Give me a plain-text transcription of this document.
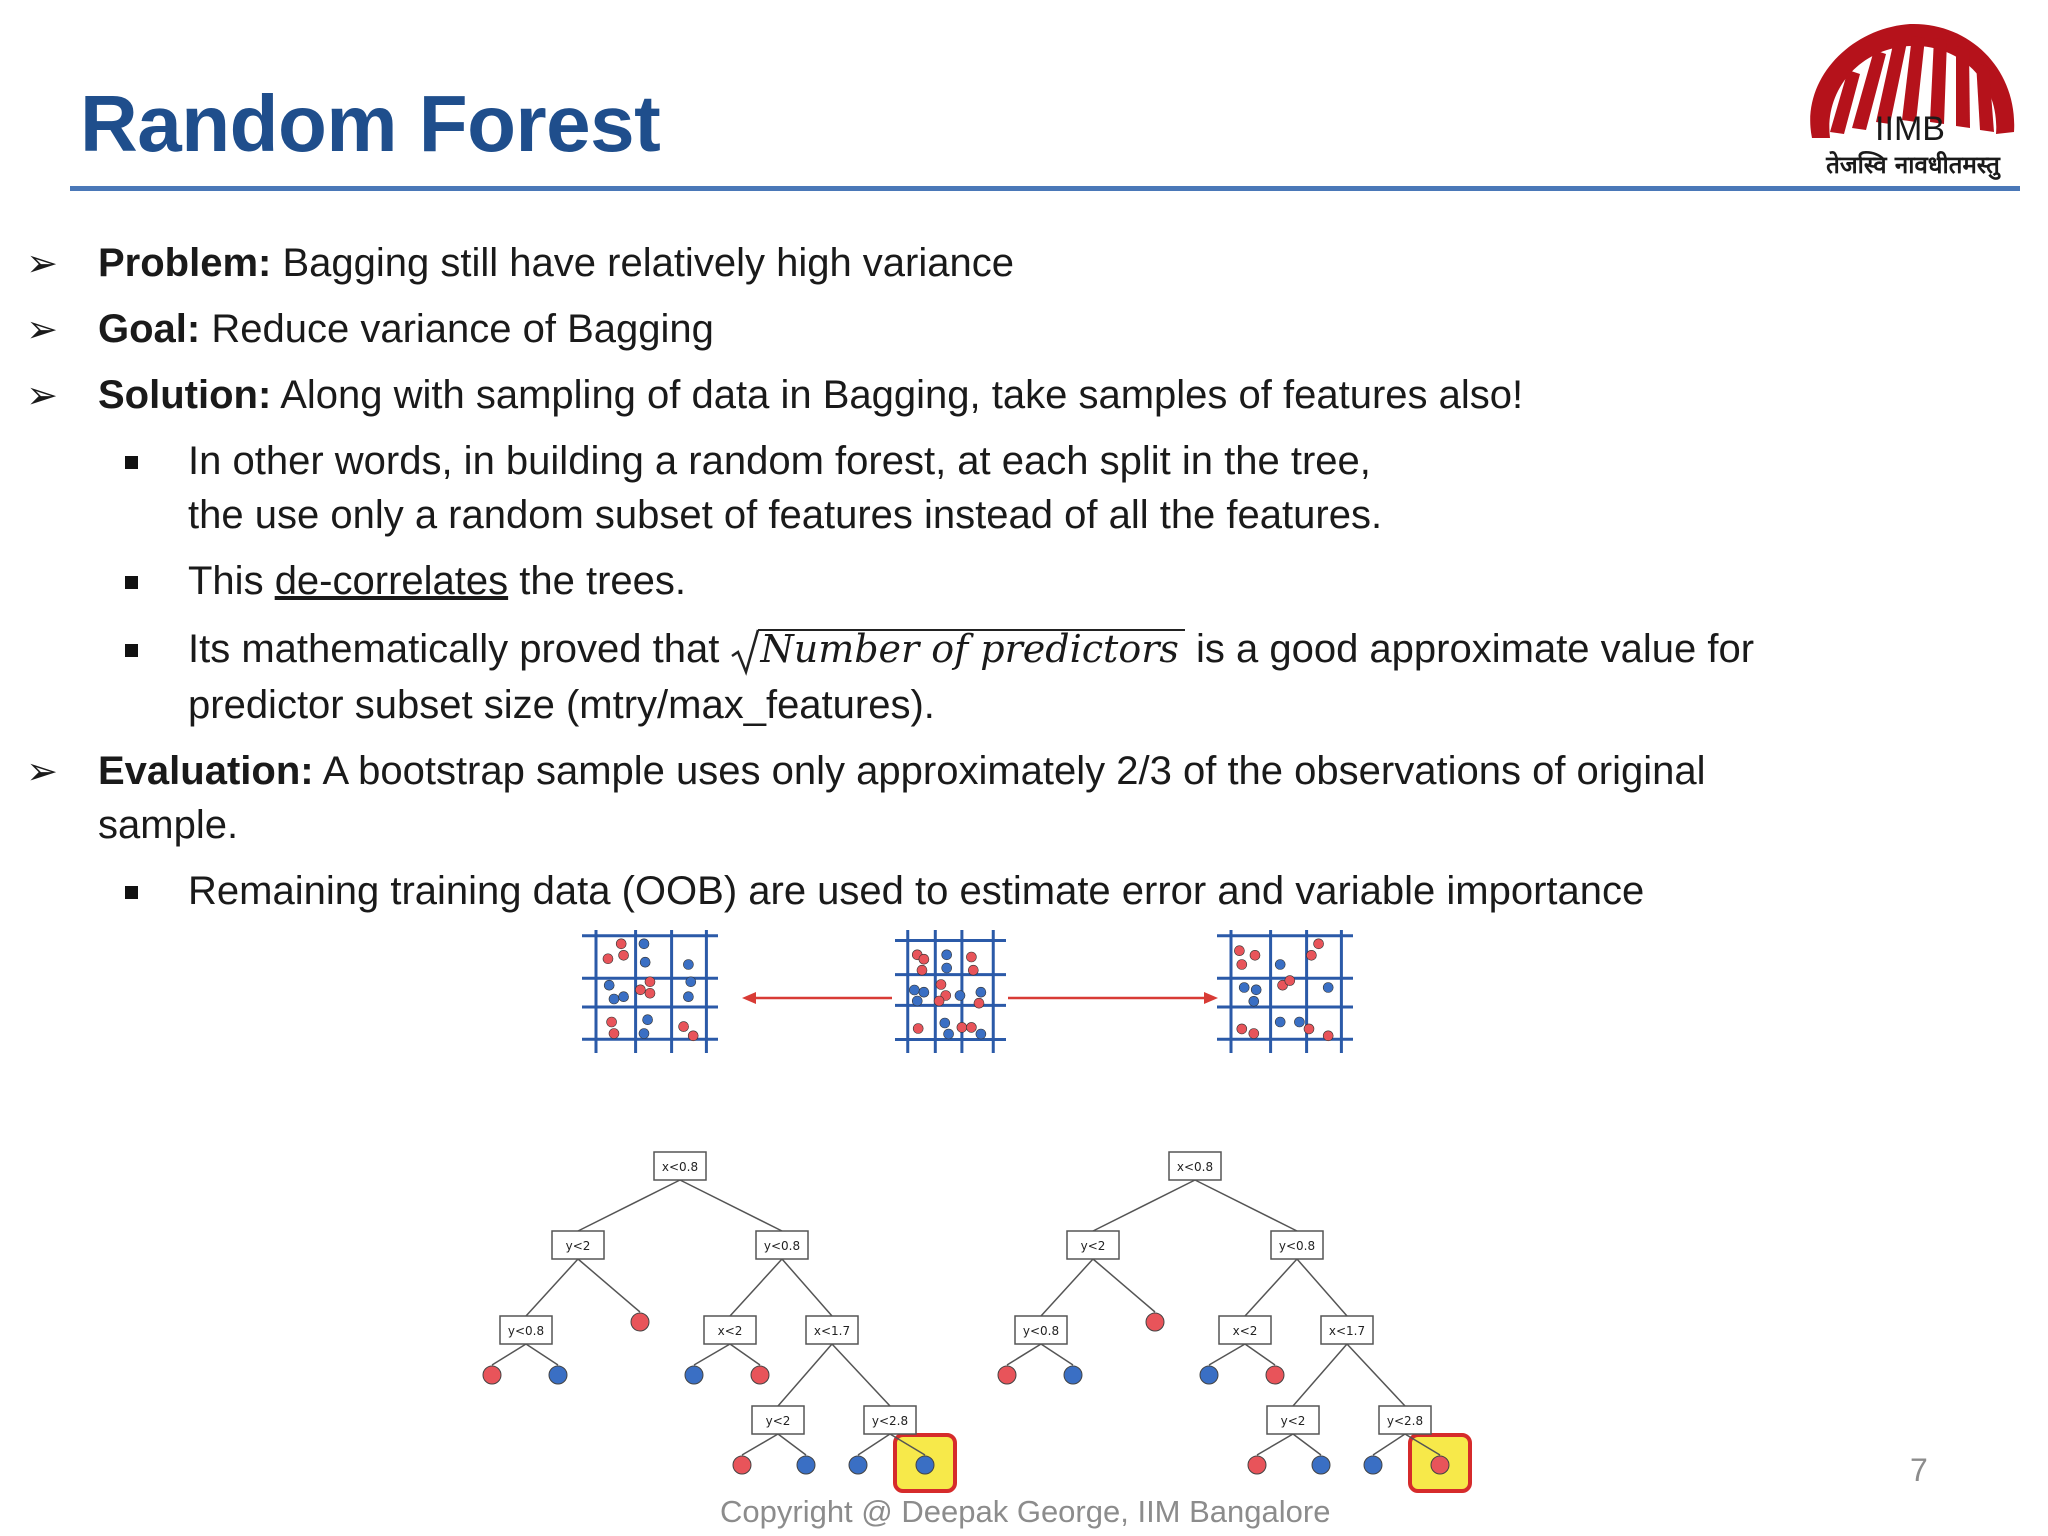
Random Forest	IIMB
तेजस्वि नावधीतमस्तु
➢ Problem: Bagging still have relatively high variance
➢ Goal: Reduce variance of Bagging
➢ Solution: Along with sampling of data in Bagging, take samples of features also!
In other words, in building a random forest, at each split in the tree,
the use only a random subset of features instead of all the features.
This de-correlates the trees.
Its mathematically proved that
Number of predictors is a good approximate value for
predictor subset size (mtry/max_features).
➢ Evaluation: A bootstrap sample uses only approximately 2/3 of the observations of original
sample.
Remaining training data (OOB) are used to estimate error and variable importance
x<0.8
y<2	y<0.8
y<0.8	x<2	x<1.7
y<2	y<2.8
x<0.8
y<2	y<0.8
y<0.8	x<2	x<1.7
y<2	y<2.8
Copyright @ Deepak George, IIM Bangalore
7
